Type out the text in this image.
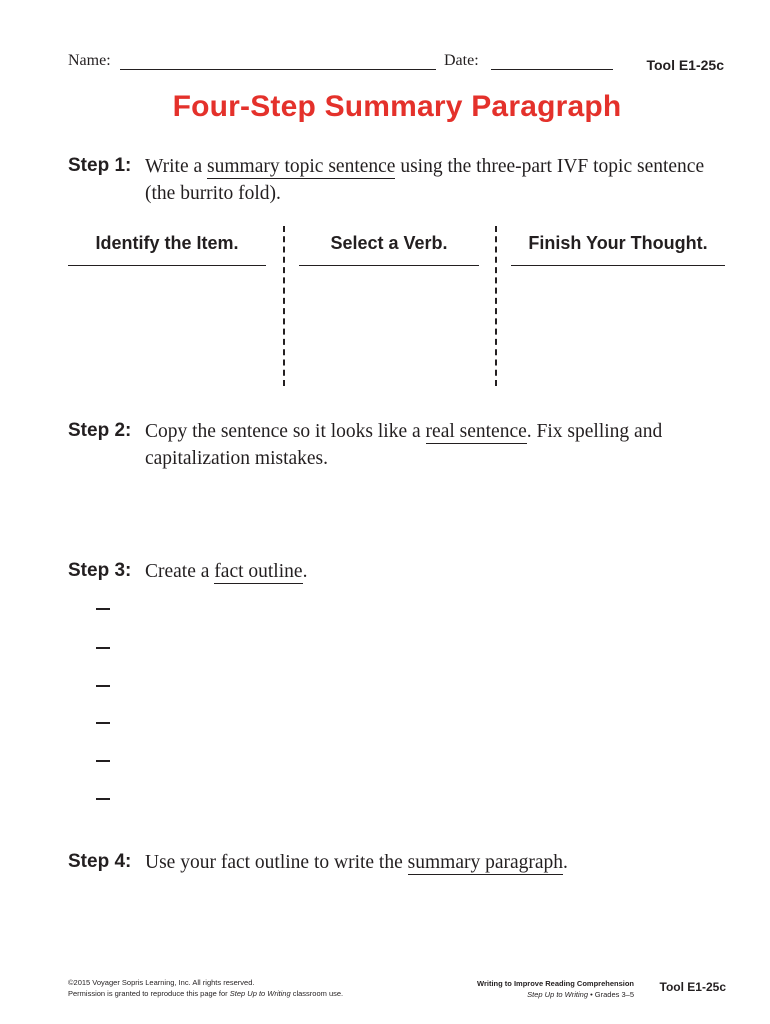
Name:	Date:	Tool E1-25c
Four-Step Summary Paragraph
Step 1: Write a summary topic sentence using the three-part IVF topic sentence (the burrito fold).
Identify the Item.	Select a Verb.	Finish Your Thought.
Step 2: Copy the sentence so it looks like a real sentence. Fix spelling and capitalization mistakes.
Step 3: Create a fact outline.
Step 4: Use your fact outline to write the summary paragraph.
©2015 Voyager Sopris Learning, Inc. All rights reserved.
Permission is granted to reproduce this page for Step Up to Writing classroom use.
Writing to Improve Reading Comprehension
Step Up to Writing • Grades 3–5
Tool E1-25c
